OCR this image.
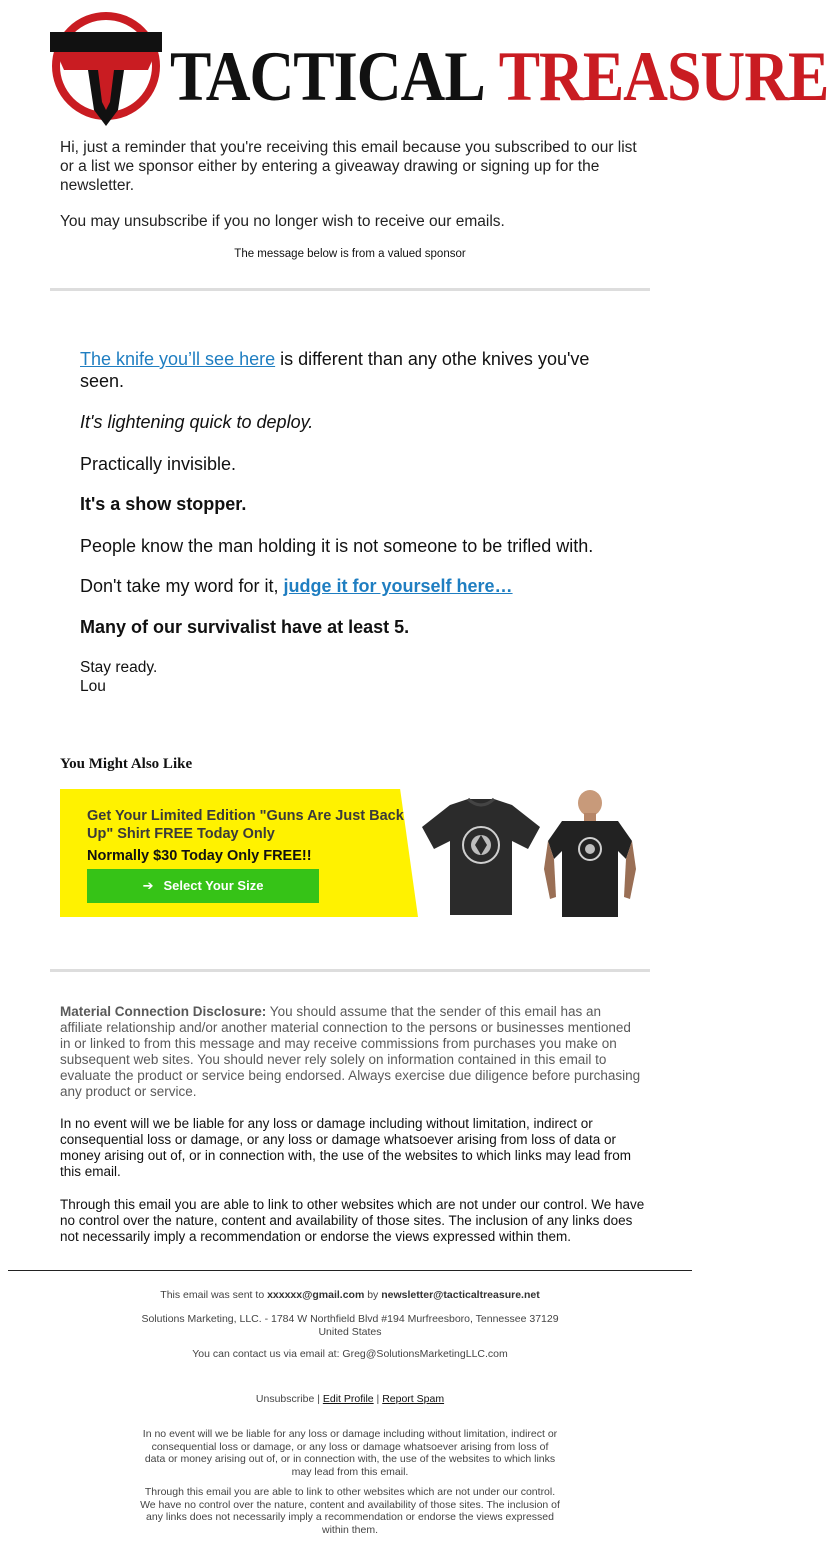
TACTICAL TREASURE

Hi, just a reminder that you're receiving this email because you subscribed to our list or a list we sponsor either by entering a giveaway drawing or signing up for the newsletter.

You may unsubscribe if you no longer wish to receive our emails.

The message below is from a valued sponsor

The knife you’ll see here is different than any othe knives you've seen.

It's lightening quick to deploy.

Practically invisible.

It's a show stopper.

People know the man holding it is not someone to be trifled with.

Don't take my word for it, judge it for yourself here…

Many of our survivalist have at least 5.

Stay ready.
Lou

You Might Also Like

Get Your Limited Edition "Guns Are Just Back Up" Shirt FREE Today Only

Normally $30 Today Only FREE!!

➔ Select Your Size

Material Connection Disclosure: You should assume that the sender of this email has an affiliate relationship and/or another material connection to the persons or businesses mentioned in or linked to from this message and may receive commissions from purchases you make on subsequent web sites. You should never rely solely on information contained in this email to evaluate the product or service being endorsed. Always exercise due diligence before purchasing any product or service.

In no event will we be liable for any loss or damage including without limitation, indirect or consequential loss or damage, or any loss or damage whatsoever arising from loss of data or money arising out of, or in connection with, the use of the websites to which links may lead from this email.

Through this email you are able to link to other websites which are not under our control. We have no control over the nature, content and availability of those sites. The inclusion of any links does not necessarily imply a recommendation or endorse the views expressed within them.

This email was sent to xxxxxx@gmail.com by newsletter@tacticaltreasure.net

Solutions Marketing, LLC. - 1784 W Northfield Blvd #194 Murfreesboro, Tennessee 37129 United States

You can contact us via email at: Greg@SolutionsMarketingLLC.com

Unsubscribe | Edit Profile | Report Spam

In no event will we be liable for any loss or damage including without limitation, indirect or consequential loss or damage, or any loss or damage whatsoever arising from loss of data or money arising out of, or in connection with, the use of the websites to which links may lead from this email.

Through this email you are able to link to other websites which are not under our control. We have no control over the nature, content and availability of those sites. The inclusion of any links does not necessarily imply a recommendation or endorse the views expressed within them.
